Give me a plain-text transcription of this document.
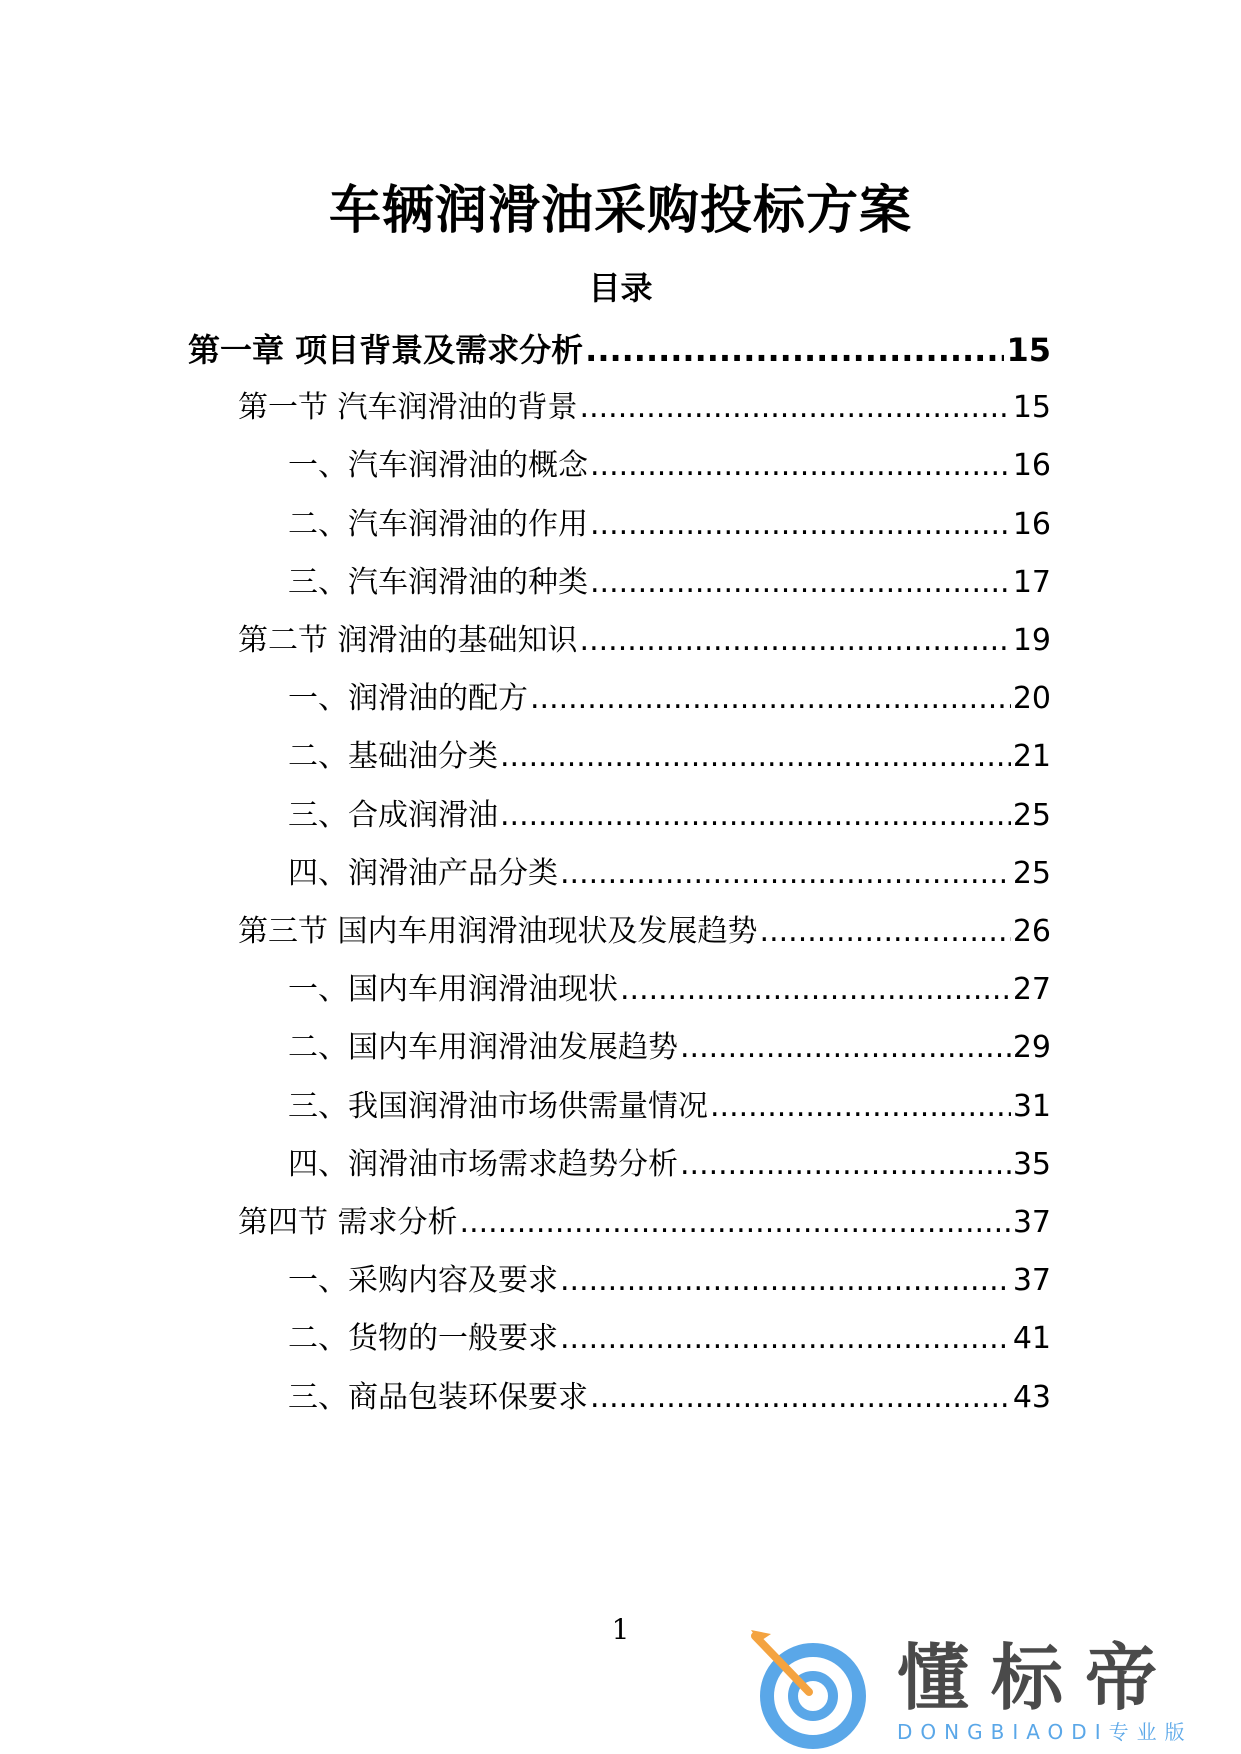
车辆润滑油采购投标方案
目录
第一章 项目背景及需求分析 .....	15
第一节 汽车润滑油的背景 .....	15
一、汽车润滑油的概念 .....	16
二、汽车润滑油的作用 .....	16
三、汽车润滑油的种类 .....	17
第二节 润滑油的基础知识 .....	19
一、润滑油的配方 .....	20
二、基础油分类 .....	21
三、合成润滑油 .....	25
四、润滑油产品分类 .....	25
第三节 国内车用润滑油现状及发展趋势 .....	26
一、国内车用润滑油现状 .....	27
二、国内车用润滑油发展趋势 .....	29
三、我国润滑油市场供需量情况 .....	31
四、润滑油市场需求趋势分析 .....	35
第四节 需求分析 .....	37
一、采购内容及要求 .....	37
二、货物的一般要求 .....	41
三、商品包装环保要求 .....	43
1
懂标帝
DONGBIAODI专业版
